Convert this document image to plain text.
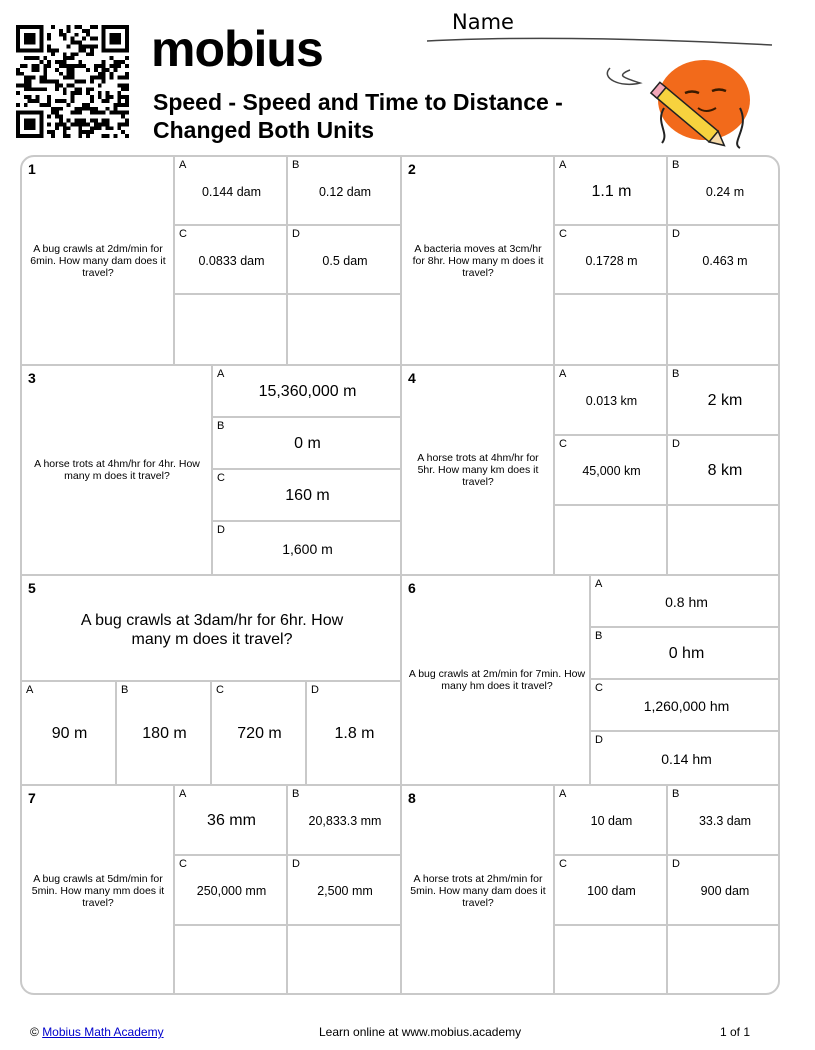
mobius
Speed - Speed and Time to Distance - Changed Both Units
Name
1
A bug crawls at 2dm/min for 6min. How many dam does it travel?
A
0.144 dam
B
0.12 dam
C
0.0833 dam
D
0.5 dam
2
A bacteria moves at 3cm/hr for 8hr. How many m does it travel?
A
1.1 m
B
0.24 m
C
0.1728 m
D
0.463 m
3
A horse trots at 4hm/hr for 4hr. How many m does it travel?
A
15,360,000 m
B
0 m
C
160 m
D
1,600 m
4
A horse trots at 4hm/hr for 5hr. How many km does it travel?
A
0.013 km
B
2 km
C
45,000 km
D
8 km
5
A bug crawls at 3dam/hr for 6hr. How many m does it travel?
A
90 m
B
180 m
C
720 m
D
1.8 m
6
A bug crawls at 2m/min for 7min. How many hm does it travel?
A
0.8 hm
B
0 hm
C
1,260,000 hm
D
0.14 hm
7
A bug crawls at 5dm/min for 5min. How many mm does it travel?
A
36 mm
B
20,833.3 mm
C
250,000 mm
D
2,500 mm
8
A horse trots at 2hm/min for 5min. How many dam does it travel?
A
10 dam
B
33.3 dam
C
100 dam
D
900 dam
© Mobius Math Academy	Learn online at www.mobius.academy	1 of 1
